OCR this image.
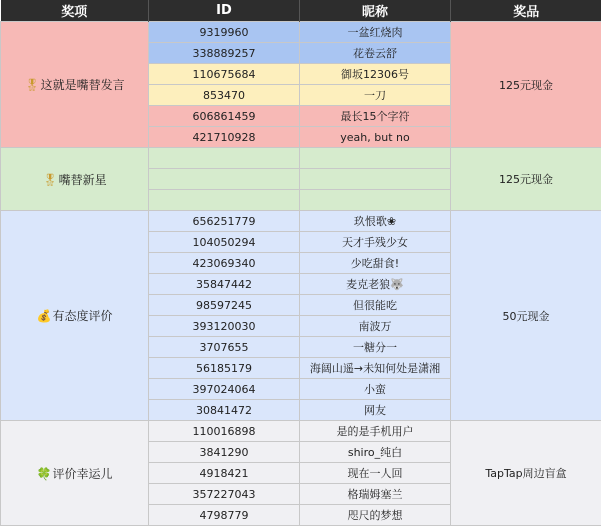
奖项	ID	昵称	奖品
🎖这就是嘴替发言	9319960	一盆红烧肉	125元现金
	338889257	花卷云舒	
	110675684	御坂12306号	
	853470	一刀	
	606861459	最长15个字符	
	421710928	yeah, but no	
🎖嘴替新星			125元现金

💰有态度评价	656251779	玖恨歌❀	50元现金
	104050294	天才手残少女	
	423069340	少吃甜食!	
	35847442	麦克老狼🐺	
	98597245	但很能吃	
	393120030	南波万	
	3707655	一糖分一	
	56185179	海阔山遥→未知何处是潇湘	
	397024064	小蛮	
	30841472	网友	
🍀评价幸运儿	110016898	是的是手机用户	TapTap周边盲盒
	3841290	shiro_纯白	
	4918421	现在一人回	
	357227043	格瑞姆塞兰	
	4798779	咫尺的梦想	
